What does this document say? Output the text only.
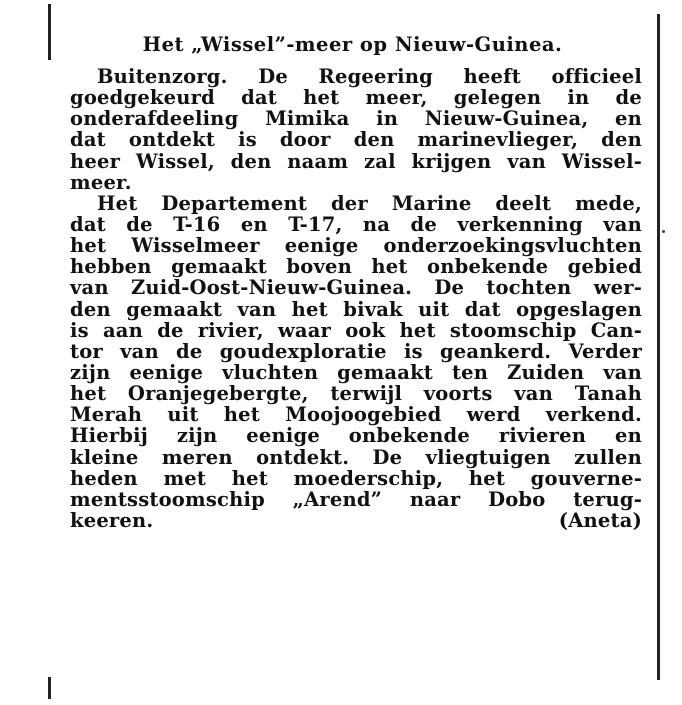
Het „Wissel”-meer op Nieuw-Guinea.
Buitenzorg. De Regeering heeft officieel
goedgekeurd dat het meer, gelegen in de
onderafdeeling Mimika in Nieuw-Guinea, en
dat ontdekt is door den marinevlieger, den
heer Wissel, den naam zal krijgen van Wissel-
meer.
Het Departement der Marine deelt mede,
dat de T-16 en T-17, na de verkenning van
het Wisselmeer eenige onderzoekingsvluchten
hebben gemaakt boven het onbekende gebied
van Zuid-Oost-Nieuw-Guinea. De tochten wer-
den gemaakt van het bivak uit dat opgeslagen
is aan de rivier, waar ook het stoomschip Can-
tor van de goudexploratie is geankerd. Verder
zijn eenige vluchten gemaakt ten Zuiden van
het Oranjegebergte, terwijl voorts van Tanah
Merah uit het Moojoogebied werd verkend.
Hierbij zijn eenige onbekende rivieren en
kleine meren ontdekt. De vliegtuigen zullen
heden met het moederschip, het gouverne-
mentsstoomschip „Arend” naar Dobo terug-
keeren.	(Aneta)
